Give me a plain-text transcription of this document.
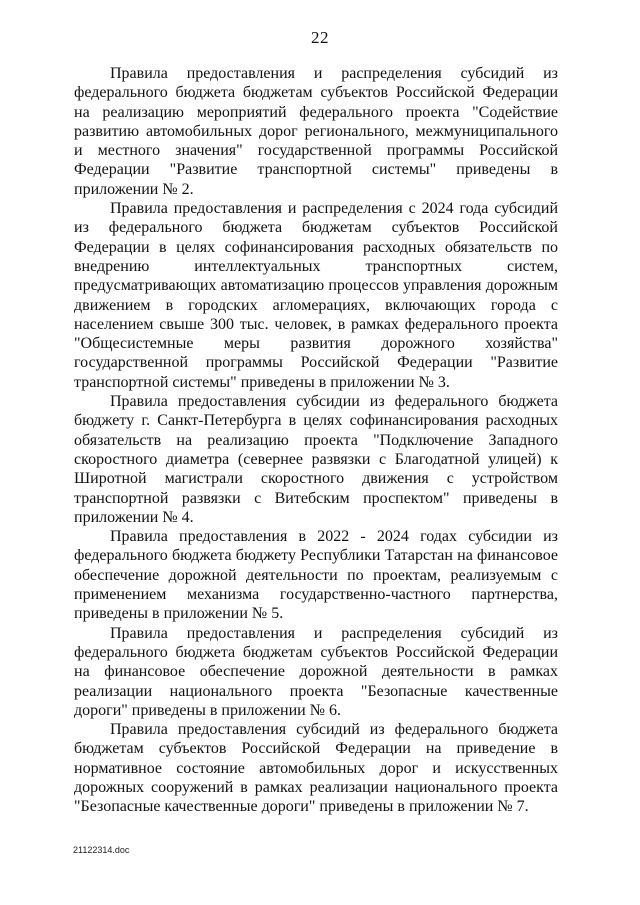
22

Правила предоставления и распределения субсидий из федерального бюджета бюджетам субъектов Российской Федерации на реализацию мероприятий федерального проекта "Содействие развитию автомобильных дорог регионального, межмуниципального и местного значения" государственной программы Российской Федерации "Развитие транспортной системы" приведены в приложении № 2.

Правила предоставления и распределения с 2024 года субсидий из федерального бюджета бюджетам субъектов Российской Федерации в целях софинансирования расходных обязательств по внедрению интеллектуальных транспортных систем, предусматривающих автоматизацию процессов управления дорожным движением в городских агломерациях, включающих города с населением свыше 300 тыс. человек, в рамках федерального проекта "Общесистемные меры развития дорожного хозяйства" государственной программы Российской Федерации "Развитие транспортной системы" приведены в приложении № 3.

Правила предоставления субсидии из федерального бюджета бюджету г. Санкт-Петербурга в целях софинансирования расходных обязательств на реализацию проекта "Подключение Западного скоростного диаметра (севернее развязки с Благодатной улицей) к Широтной магистрали скоростного движения с устройством транспортной развязки с Витебским проспектом" приведены в приложении № 4.

Правила предоставления в 2022 - 2024 годах субсидии из федерального бюджета бюджету Республики Татарстан на финансовое обеспечение дорожной деятельности по проектам, реализуемым с применением механизма государственно-частного партнерства, приведены в приложении № 5.

Правила предоставления и распределения субсидий из федерального бюджета бюджетам субъектов Российской Федерации на финансовое обеспечение дорожной деятельности в рамках реализации национального проекта "Безопасные качественные дороги" приведены в приложении № 6.

Правила предоставления субсидий из федерального бюджета бюджетам субъектов Российской Федерации на приведение в нормативное состояние автомобильных дорог и искусственных дорожных сооружений в рамках реализации национального проекта "Безопасные качественные дороги" приведены в приложении № 7.

21122314.doc
